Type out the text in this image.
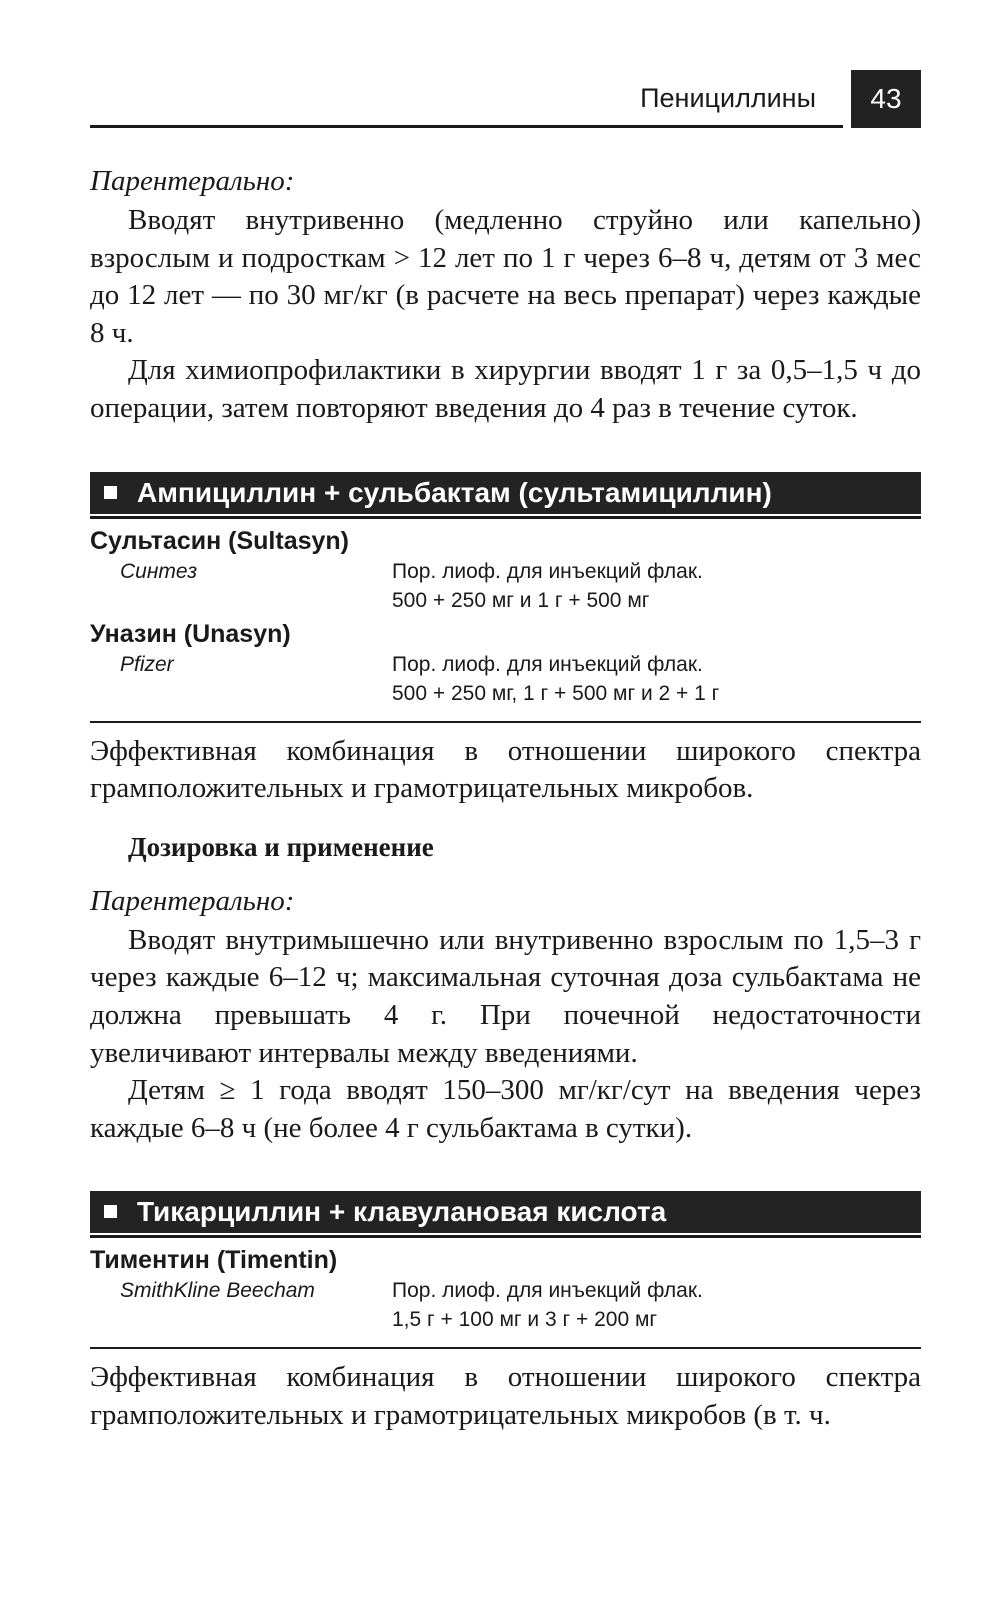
Пенициллины	43
Парентерально:

Вводят внутривенно (медленно струйно или капельно) взрослым и подросткам > 12 лет по 1 г через 6–8 ч, детям от 3 мес до 12 лет — по 30 мг/кг (в расчете на весь препарат) через каждые 8 ч.

Для химиопрофилактики в хирургии вводят 1 г за 0,5–1,5 ч до операции, затем повторяют введения до 4 раз в течение суток.

Ампициллин + сульбактам (сультамициллин)
Сультасин (Sultasyn)
Синтез	Пор. лиоф. для инъекций флак.
500 + 250 мг и 1 г + 500 мг
Уназин (Unasyn)
Pfizer	Пор. лиоф. для инъекций флак.
500 + 250 мг, 1 г + 500 мг и 2 + 1 г

Эффективная комбинация в отношении широкого спектра грамположительных и грамотрицательных микробов.

Дозировка и применение
Парентерально:

Вводят внутримышечно или внутривенно взрослым по 1,5–3 г через каждые 6–12 ч; максимальная суточная доза сульбактама не должна превышать 4 г. При почечной недостаточности увеличивают интервалы между введениями.

Детям ≥ 1 года вводят 150–300 мг/кг/сут на введения через каждые 6–8 ч (не более 4 г сульбактама в сутки).

Тикарциллин + клавулановая кислота
Тиментин (Timentin)
SmithKline Beecham	Пор. лиоф. для инъекций флак.
1,5 г + 100 мг и 3 г + 200 мг

Эффективная комбинация в отношении широкого спектра грамположительных и грамотрицательных микробов (в т. ч.
